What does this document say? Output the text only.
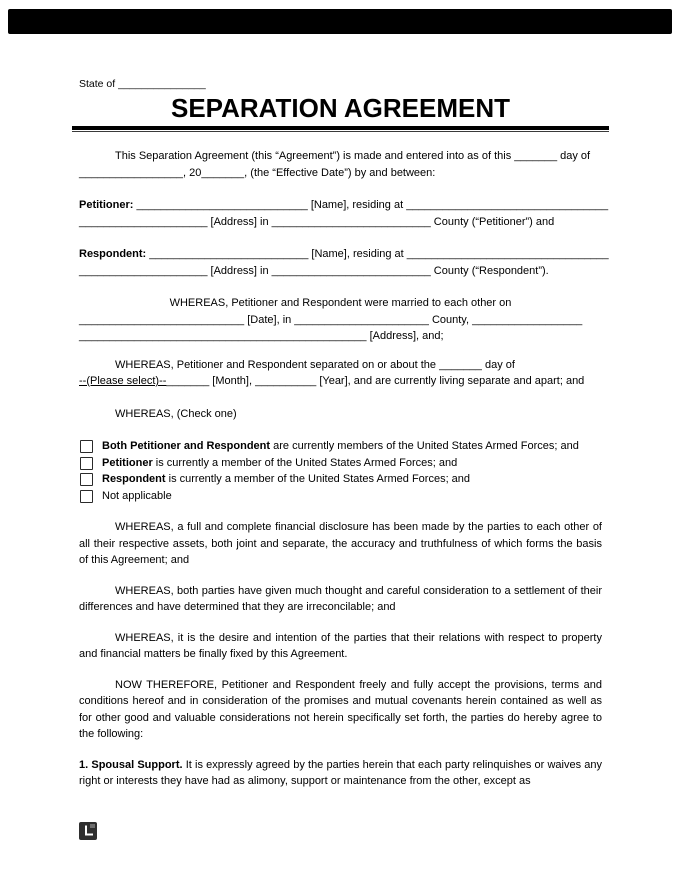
State of _______________
SEPARATION AGREEMENT
This Separation Agreement (this “Agreement”) is made and entered into as of this _______ day of
_________________, 20_______, (the “Effective Date”) by and between:
Petitioner: ____________________________ [Name], residing at _________________________________
_____________________ [Address] in __________________________ County (“Petitioner”) and
Respondent: __________________________ [Name], residing at _________________________________
_____________________ [Address] in __________________________ County (“Respondent”).
WHEREAS, Petitioner and Respondent were married to each other on
___________________________ [Date], in ______________________ County, __________________
_______________________________________________ [Address], and;
WHEREAS, Petitioner and Respondent separated on or about the _______ day of
--(Please select)--_______ [Month], __________ [Year], and are currently living separate and apart; and
WHEREAS, (Check one)
Both Petitioner and Respondent are currently members of the United States Armed Forces; and
Petitioner is currently a member of the United States Armed Forces; and
Respondent is currently a member of the United States Armed Forces; and
Not applicable
WHEREAS, a full and complete financial disclosure has been made by the parties to each other of all their respective assets, both joint and separate, the accuracy and truthfulness of which forms the basis of this Agreement; and
WHEREAS, both parties have given much thought and careful consideration to a settlement of their differences and have determined that they are irreconcilable; and
WHEREAS, it is the desire and intention of the parties that their relations with respect to property and financial matters be finally fixed by this Agreement.
NOW THEREFORE, Petitioner and Respondent freely and fully accept the provisions, terms and conditions hereof and in consideration of the promises and mutual covenants herein contained as well as for other good and valuable considerations not herein specifically set forth, the parties do hereby agree to the following:
1. Spousal Support. It is expressly agreed by the parties herein that each party relinquishes or waives any right or interests they have had as alimony, support or maintenance from the other, except as
